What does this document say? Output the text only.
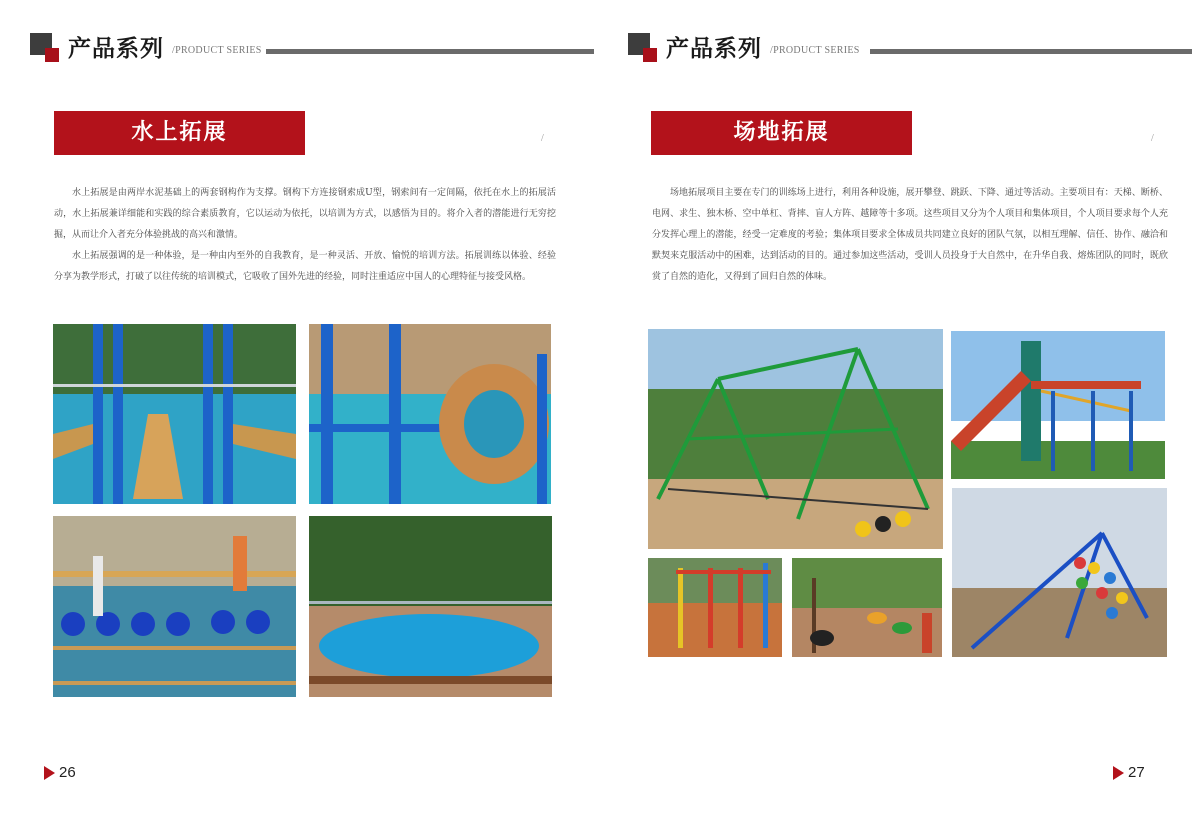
产品系列 /PRODUCT SERIES
水上拓展	/

水上拓展是由两岸水泥基础上的两套钢构作为支撑。钢构下方连接钢索成U型，钢索间有一定间隔，依托在水上的拓展活动，水上拓展兼详细能和实践的综合素质教育，它以运动为依托，以培训为方式，以感悟为目的。将介入者的潜能进行无穷挖掘，从而让介入者充分体验挑战的高兴和激情。

水上拓展强调的是一种体验，是一种由内至外的自我教育，是一种灵活、开放、愉悦的培训方法。拓展训练以体验、经验分享为教学形式，打破了以往传统的培训模式，它吸收了国外先进的经验，同时注重适应中国人的心理特征与接受风格。

26
产品系列 /PRODUCT SERIES
场地拓展	/

场地拓展项目主要在专门的训练场上进行，利用各种设施，展开攀登、跳跃、下降、通过等活动。主要项目有：天梯、断桥、电网、求生、独木桥、空中单杠、背摔、盲人方阵、越障等十多项。这些项目又分为个人项目和集体项目，个人项目要求每个人充分发挥心理上的潜能，经受一定难度的考验；集体项目要求全体成员共同建立良好的团队气氛，以相互理解、信任、协作、融洽和默契来克服活动中的困难，达到活动的目的。通过参加这些活动，受训人员投身于大自然中，在升华自我、熔炼团队的同时，既欣赏了自然的造化，又得到了回归自然的体味。

27
